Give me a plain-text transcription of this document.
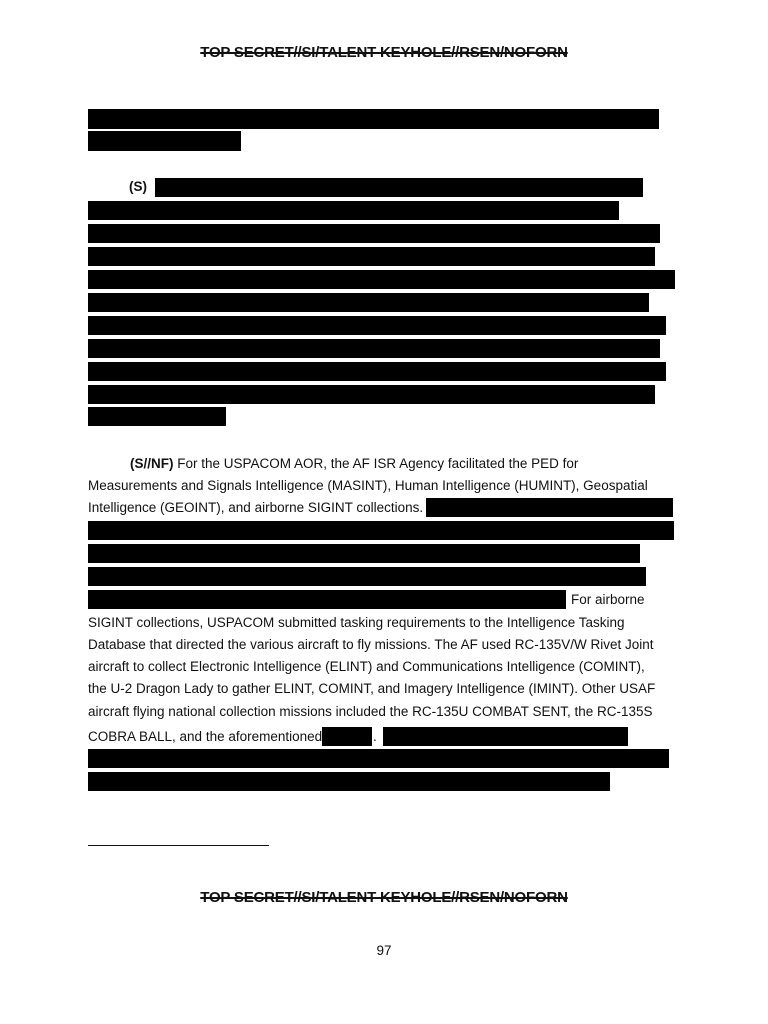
TOP SECRET//SI/TALENT KEYHOLE//RSEN/NOFORN
(S)
(S//NF) For the USPACOM AOR, the AF ISR Agency facilitated the PED for
Measurements and Signals Intelligence (MASINT), Human Intelligence (HUMINT), Geospatial
Intelligence (GEOINT), and airborne SIGINT collections.
For airborne
SIGINT collections, USPACOM submitted tasking requirements to the Intelligence Tasking
Database that directed the various aircraft to fly missions. The AF used RC-135V/W Rivet Joint
aircraft to collect Electronic Intelligence (ELINT) and Communications Intelligence (COMINT),
the U-2 Dragon Lady to gather ELINT, COMINT, and Imagery Intelligence (IMINT). Other USAF
aircraft flying national collection missions included the RC-135U COMBAT SENT, the RC-135S
COBRA BALL, and the aforementioned	.
TOP SECRET//SI/TALENT KEYHOLE//RSEN/NOFORN
97
